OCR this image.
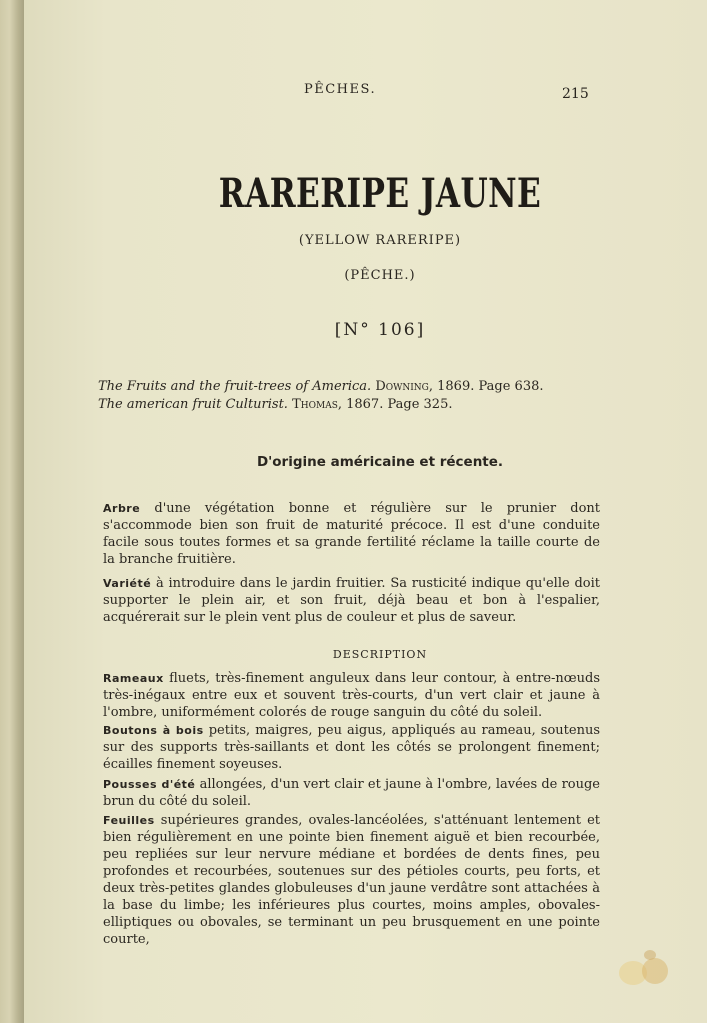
PÊCHES.	215

RARERIPE JAUNE

(YELLOW RARERIPE)

(PÊCHE.)

[N° 106]

The Fruits and the fruit-trees of America. Downing, 1869. Page 638.

The american fruit Culturist. Thomas, 1867. Page 325.

D'origine américaine et récente.

Arbre d'une végétation bonne et régulière sur le prunier dont s'accommode bien son fruit de maturité précoce. Il est d'une conduite facile sous toutes formes et sa grande fertilité réclame la taille courte de la branche fruitière.

Variété à introduire dans le jardin fruitier. Sa rusticité indique qu'elle doit supporter le plein air, et son fruit, déjà beau et bon à l'espalier, acquérerait sur le plein vent plus de couleur et plus de saveur.

DESCRIPTION

Rameaux fluets, très-finement anguleux dans leur contour, à entre-nœuds très-inégaux entre eux et souvent très-courts, d'un vert clair et jaune à l'ombre, uniformément colorés de rouge sanguin du côté du soleil.

Boutons à bois petits, maigres, peu aigus, appliqués au rameau, soutenus sur des supports très-saillants et dont les côtés se prolongent finement; écailles finement soyeuses.

Pousses d'été allongées, d'un vert clair et jaune à l'ombre, lavées de rouge brun du côté du soleil.

Feuilles supérieures grandes, ovales-lancéolées, s'atténuant lentement et bien régulièrement en une pointe bien finement aiguë et bien recourbée, peu repliées sur leur nervure médiane et bordées de dents fines, peu profondes et recourbées, soutenues sur des pétioles courts, peu forts, et deux très-petites glandes globuleuses d'un jaune verdâtre sont attachées à la base du limbe; les inférieures plus courtes, moins amples, obovales-elliptiques ou obovales, se terminant un peu brusquement en une pointe courte,
